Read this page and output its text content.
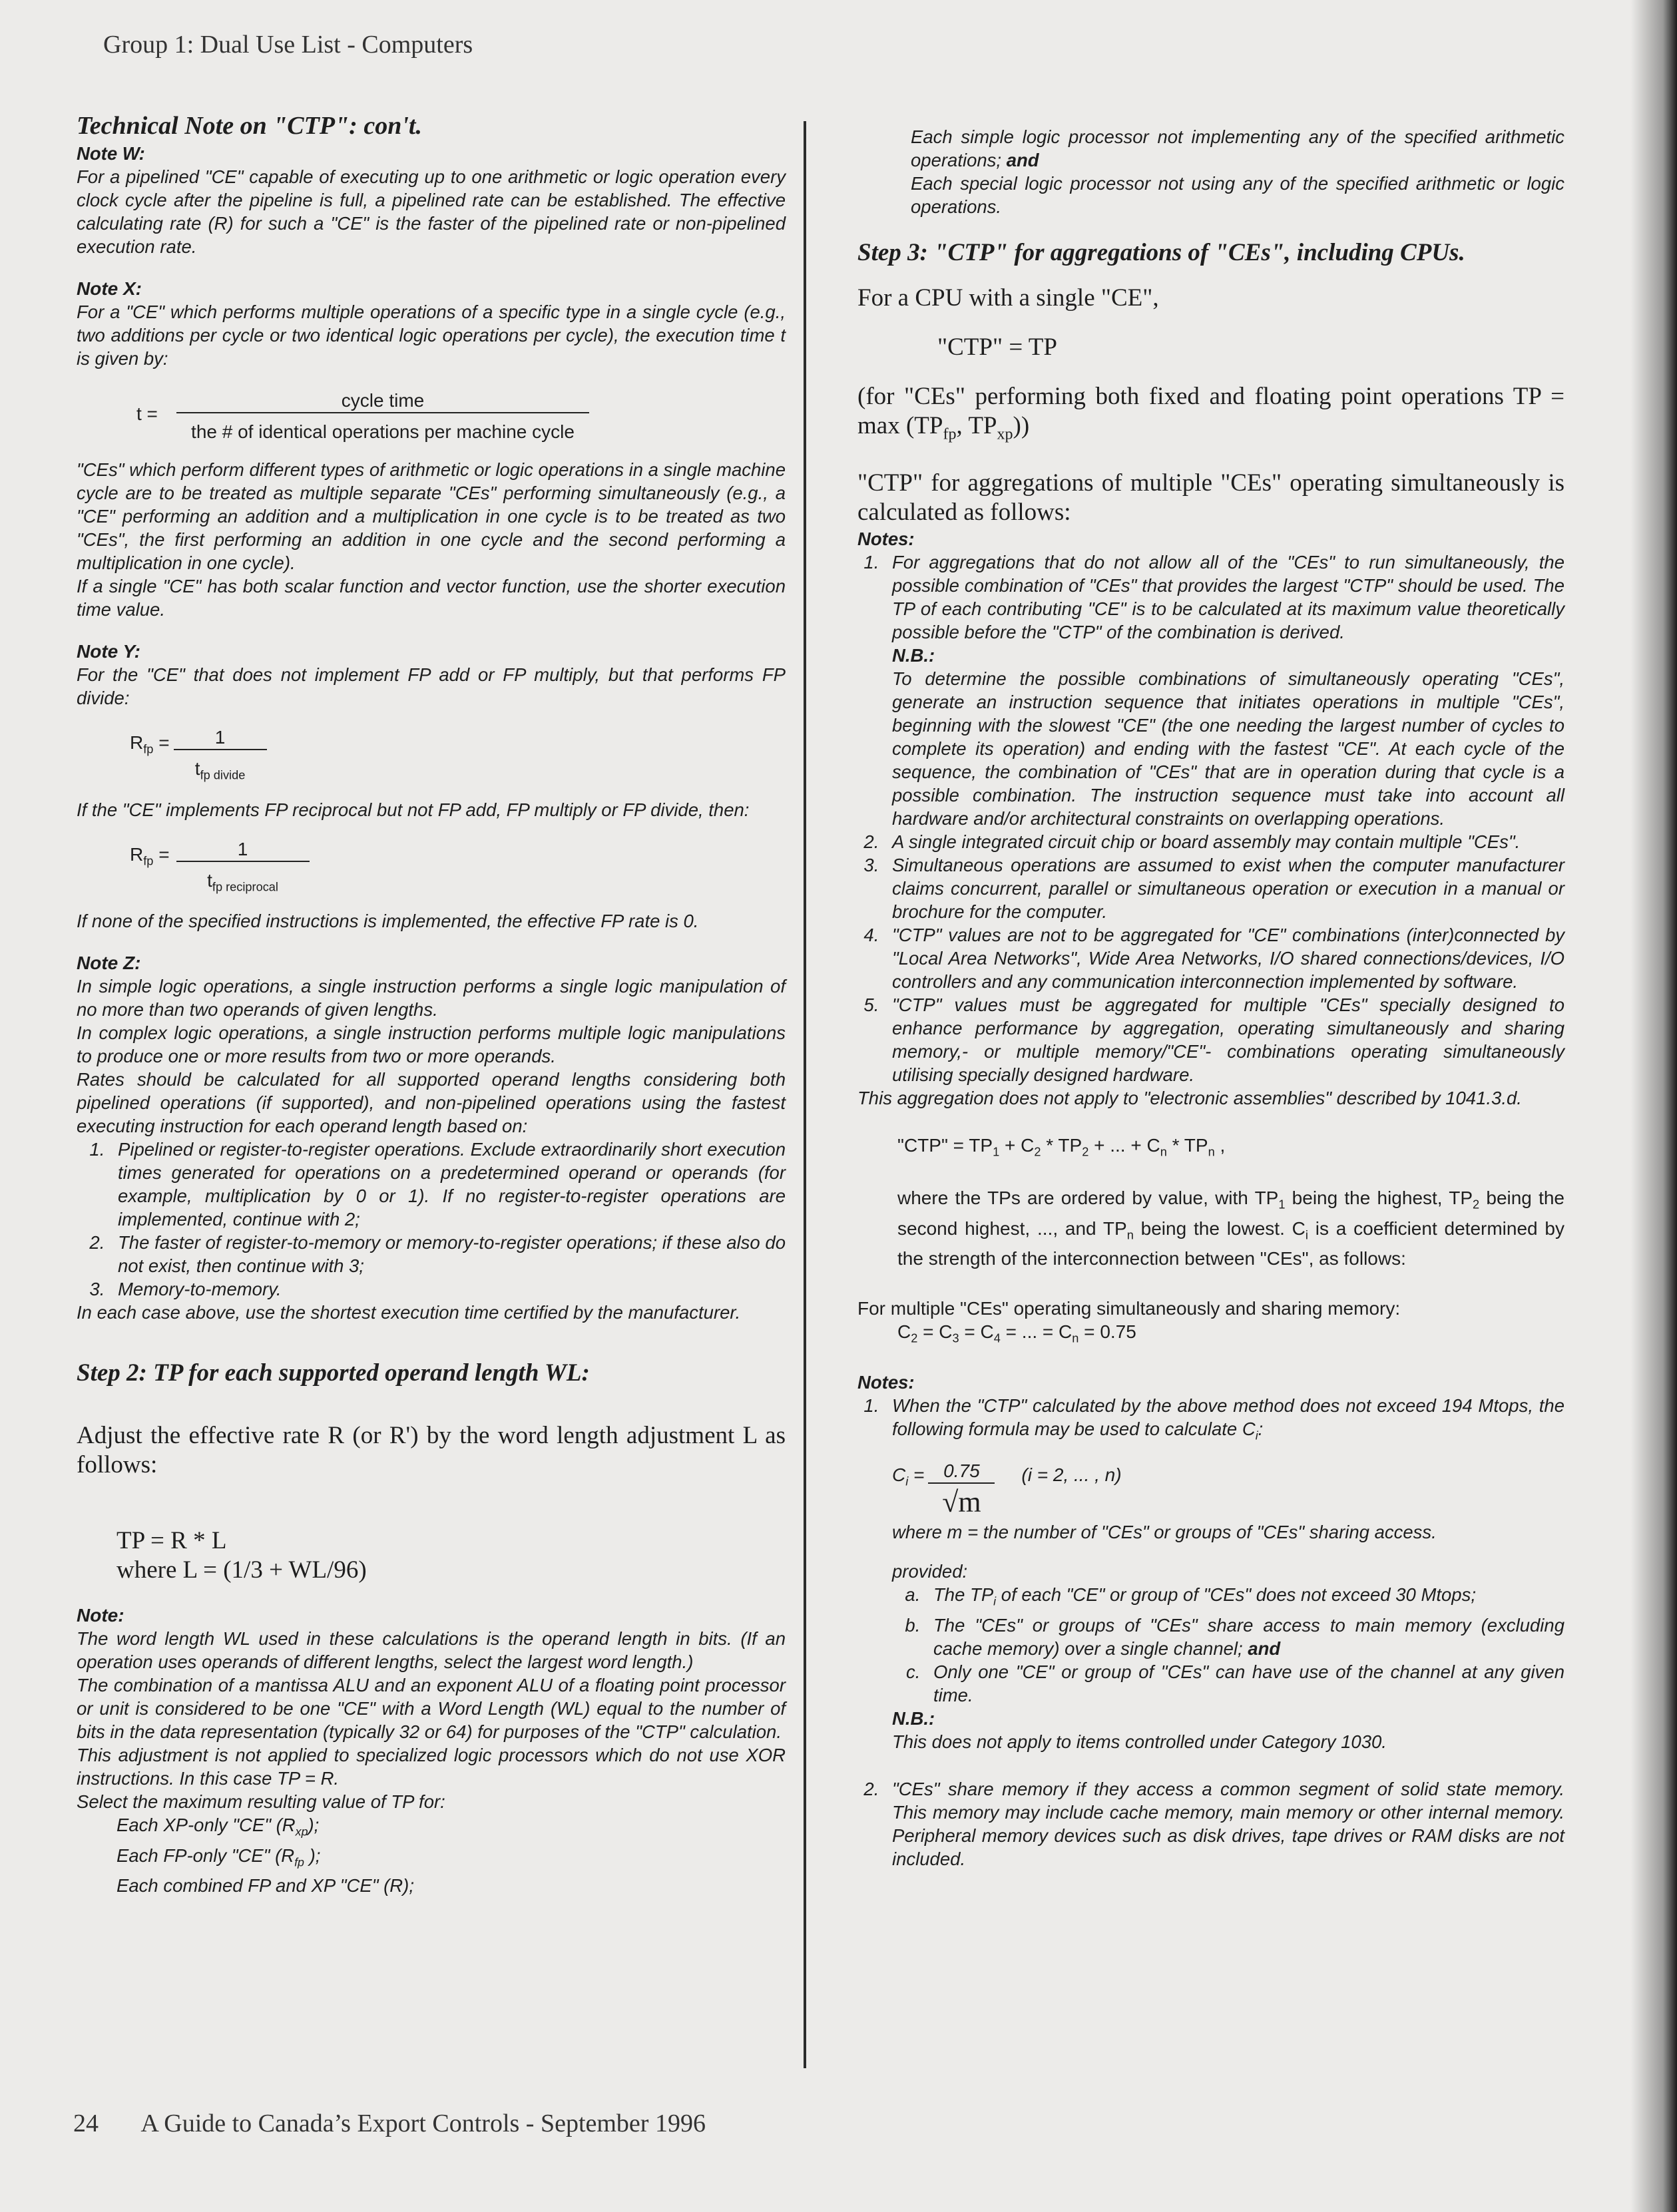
Group 1: Dual Use List - Computers
Technical Note on "CTP": con't.
Note W:

For a pipelined "CE" capable of executing up to one arithmetic or logic operation every clock cycle after the pipeline is full, a pipelined rate can be established. The effective calculating rate (R) for such a "CE" is the faster of the pipelined rate or non-pipelined execution rate.

Note X:

For a "CE" which performs multiple operations of a specific type in a single cycle (e.g., two additions per cycle or two identical logic operations per cycle), the execution time t is given by:

t =	$\frac{\text{cycle time}}{\text{the \# of identical operations per machine cycle}}$

"CEs" which perform different types of arithmetic or logic operations in a single machine cycle are to be treated as multiple separate "CEs" performing simultaneously (e.g., a "CE" performing an addition and a multiplication in one cycle is to be treated as two "CEs", the first performing an addition in one cycle and the second performing a multiplication in one cycle).

If a single "CE" has both scalar function and vector function, use the shorter execution time value.

Note Y:

For the "CE" that does not implement FP add or FP multiply, but that performs FP divide:

$R_{fp} = \frac{1}{t_{fp divide}}$

If the "CE" implements FP reciprocal but not FP add, FP multiply or FP divide, then:

$R_{fp} = \frac{1}{t_{fp reciprocal}}$

If none of the specified instructions is implemented, the effective FP rate is 0.

Note Z:

In simple logic operations, a single instruction performs a single logic manipulation of no more than two operands of given lengths.

In complex logic operations, a single instruction performs multiple logic manipulations to produce one or more results from two or more operands.

Rates should be calculated for all supported operand lengths considering both pipelined operations (if supported), and non-pipelined operations using the fastest executing instruction for each operand length based on:

1. Pipelined or register-to-register operations. Exclude extraordinarily short execution times generated for operations on a predetermined operand or operands (for example, multiplication by 0 or 1). If no register-to-register operations are implemented, continue with 2;
2. The faster of register-to-memory or memory-to-register operations; if these also do not exist, then continue with 3;
3. Memory-to-memory.

In each case above, use the shortest execution time certified by the manufacturer.

Step 2: TP for each supported operand length WL:
Adjust the effective rate R (or R') by the word length adjustment L as follows:
TP = R * L
where L = (1/3 + WL/96)
Note:

The word length WL used in these calculations is the operand length in bits. (If an operation uses operands of different lengths, select the largest word length.)

The combination of a mantissa ALU and an exponent ALU of a floating point processor or unit is considered to be one "CE" with a Word Length (WL) equal to the number of bits in the data representation (typically 32 or 64) for purposes of the "CTP" calculation.

This adjustment is not applied to specialized logic processors which do not use XOR instructions. In this case TP = R.

Select the maximum resulting value of TP for:

Each XP-only "CE" $(R_{xp})$;

Each FP-only "CE" ($R_{fp}$ );

Each combined FP and XP "CE" (R);

Each simple logic processor not implementing any of the specified arithmetic operations; and

Each special logic processor not using any of the specified arithmetic or logic operations.

Step 3: "CTP" for aggregations of "CEs", including CPUs.
For a CPU with a single "CE",
"CTP" = TP
(for "CEs" performing both fixed and floating point operations TP = $\max (TP_{fp}$, $TP_{xp}$))
"CTP" for aggregations of multiple "CEs" operating simultaneously is calculated as follows:
Notes:
1. For aggregations that do not allow all of the "CEs" to run simultaneously, the possible combination of "CEs" that provides the largest "CTP" should be used. The TP of each contributing "CE" is to be calculated at its maximum value theoretically possible before the "CTP" of the combination is derived.
N.B.:
To determine the possible combinations of simultaneously operating "CEs", generate an instruction sequence that initiates operations in multiple "CEs", beginning with the slowest "CE" (the one needing the largest number of cycles to complete its operation) and ending with the fastest "CE". At each cycle of the sequence, the combination of "CEs" that are in operation during that cycle is a possible combination. The instruction sequence must take into account all hardware and/or architectural constraints on overlapping operations.
2. A single integrated circuit chip or board assembly may contain multiple "CEs".
3. Simultaneous operations are assumed to exist when the computer manufacturer claims concurrent, parallel or simultaneous operation or execution in a manual or brochure for the computer.
4. "CTP" values are not to be aggregated for "CE" combinations (inter)connected by "Local Area Networks", Wide Area Networks, I/O shared connections/devices, I/O controllers and any communication interconnection implemented by software.
5. "CTP" values must be aggregated for multiple "CEs" specially designed to enhance performance by aggregation, operating simultaneously and sharing memory,- or multiple memory/"CE"- combinations operating simultaneously utilising specially designed hardware.

This aggregation does not apply to "electronic assemblies" described by 1041.3.d.

"CTP" = $TP_1 + C_2 * TP_2$ + ... + $C_n * TP_n$ ,
where the TPs are ordered by value, with $TP_1$ being the highest, $TP_2$ being the second highest, ..., and $TP_n$ being the lowest. $C_i$ is a coefficient determined by the strength of the interconnection between "CEs", as follows:
For multiple "CEs" operating simultaneously and sharing memory:
$C_2 = C_3 = C_4$ = ... = $C_n = 0.75$
Notes:
1. When the "CTP" calculated by the above method does not exceed 194 Mtops, the following formula may be used to calculate $C_i$:
$C_i = \frac{0.75}{√m} (i = 2$, ... , n)
where m = the number of "CEs" or groups of "CEs" sharing access.
provided:
a. The $TP_i$ of each "CE" or group of "CEs" does not exceed 30 Mtops;
b. The "CEs" or groups of "CEs" share access to main memory (excluding cache memory) over a single channel; and
c. Only one "CE" or group of "CEs" can have use of the channel at any given time.
N.B.:
This does not apply to items controlled under Category 1030.
2. "CEs" share memory if they access a common segment of solid state memory. This memory may include cache memory, main memory or other internal memory. Peripheral memory devices such as disk drives, tape drives or RAM disks are not included.
24 A Guide to Canada’s Export Controls - September 1996
